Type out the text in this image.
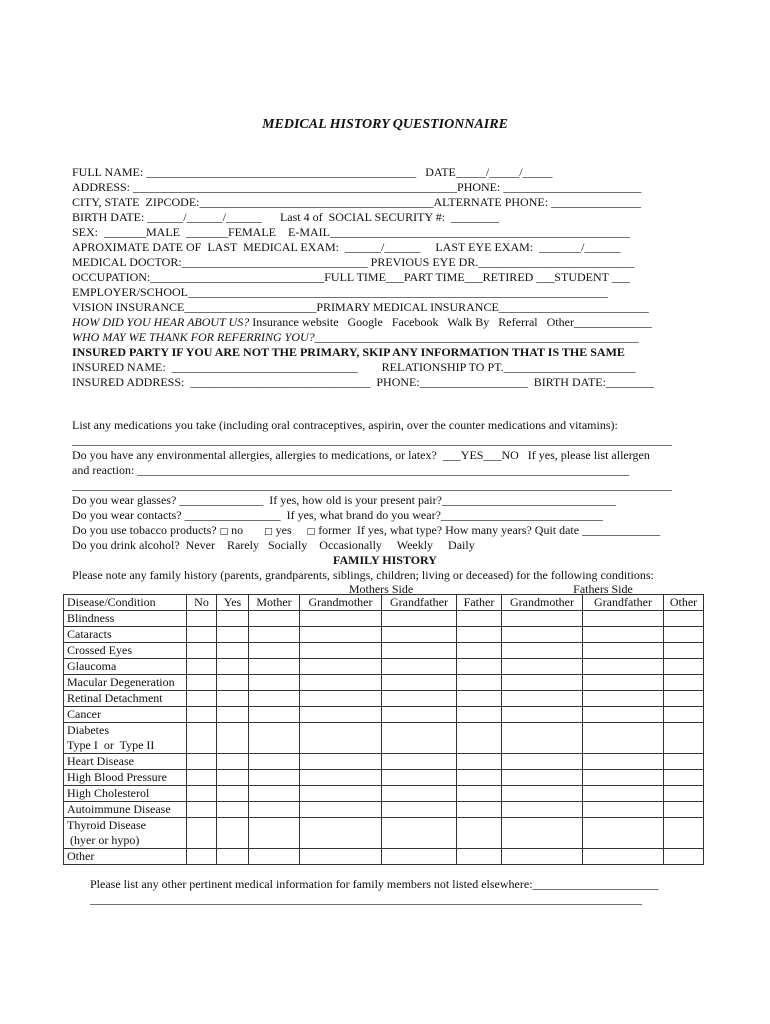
MEDICAL HISTORY QUESTIONNAIRE
FULL NAME: _____________________________________________   DATE_____/_____/_____
ADDRESS: ______________________________________________________PHONE: _______________________
CITY, STATE  ZIPCODE:_______________________________________ALTERNATE PHONE: _______________
BIRTH DATE: ______/______/______      Last 4 of  SOCIAL SECURITY #:  ________
SEX:  _______MALE  _______FEMALE    E-MAIL__________________________________________________
APROXIMATE DATE OF  LAST  MEDICAL EXAM:  ______/______     LAST EYE EXAM:  _______/______
MEDICAL DOCTOR:_______________________________ PREVIOUS EYE DR.__________________________
OCCUPATION:_____________________________FULL TIME___PART TIME___RETIRED ___STUDENT ___
EMPLOYER/SCHOOL______________________________________________________________________
VISION INSURANCE______________________PRIMARY MEDICAL INSURANCE_________________________
HOW DID YOU HEAR ABOUT US? Insurance website   Google   Facebook   Walk By   Referral   Other_____________
WHO MAY WE THANK FOR REFERRING YOU?______________________________________________________
INSURED PARTY IF YOU ARE NOT THE PRIMARY, SKIP ANY INFORMATION THAT IS THE SAME
INSURED NAME:  _______________________________        RELATIONSHIP TO PT.______________________
INSURED ADDRESS:  ______________________________  PHONE:__________________  BIRTH DATE:________
List any medications you take (including oral contraceptives, aspirin, over the counter medications and vitamins):
____________________________________________________________________________________________________
Do you have any environmental allergies, allergies to medications, or latex?  ___YES___NO   If yes, please list allergen
and reaction: __________________________________________________________________________________
____________________________________________________________________________________________________
Do you wear glasses? ______________  If yes, how old is your present pair?_____________________________
Do you wear contacts? ________________  If yes, what brand do you wear?___________________________
Do you use tobacco products? □ no □ yes □ former  If yes, what type? How many years? Quit date _____________
Do you drink alcohol?  Never    Rarely   Socially    Occasionally     Weekly     Daily
FAMILY HISTORY
Please note any family history (parents, grandparents, siblings, children; living or deceased) for the following conditions:
Mothers Side	Fathers Side
Disease/Condition	No	Yes	Mother	Grandmother	Grandfather	Father	Grandmother	Grandfather	Other
Blindness									
Cataracts									
Crossed Eyes									
Glaucoma									
Macular Degeneration									
Retinal Detachment									
Cancer									
Diabetes
Type I  or  Type II									
Heart Disease									
High Blood Pressure									
High Cholesterol									
Autoimmune Disease									
Thyroid Disease
(hyer or hypo)									
Other									
Please list any other pertinent medical information for family members not listed elsewhere:_____________________
____________________________________________________________________________________________
